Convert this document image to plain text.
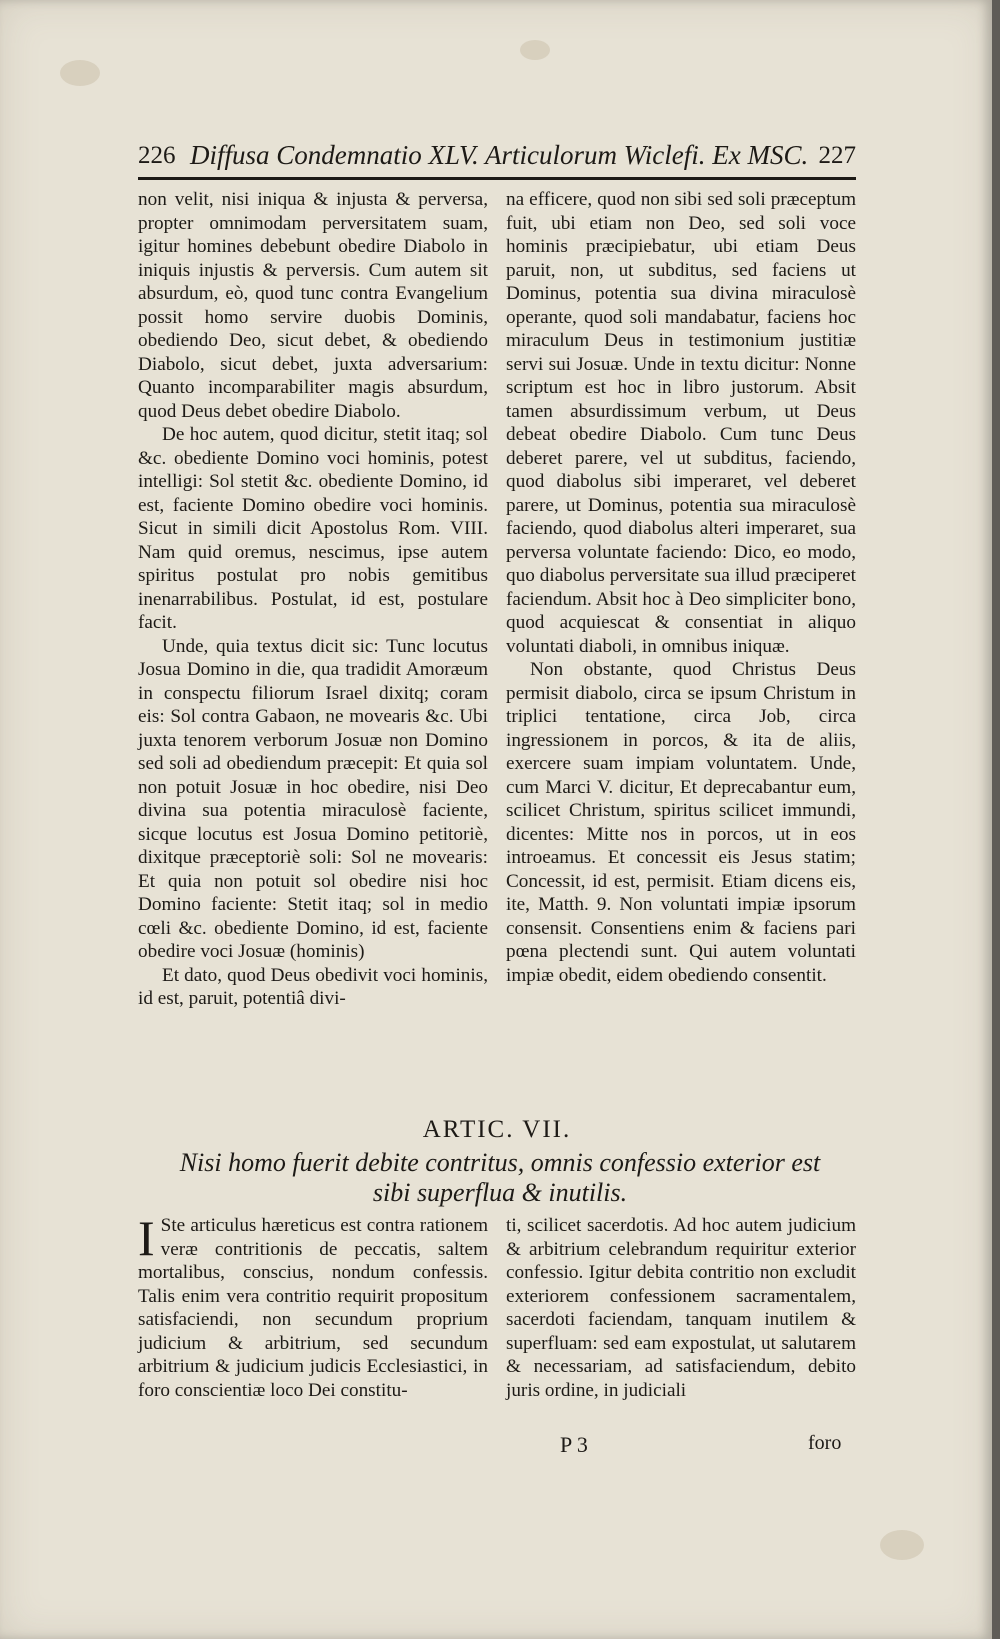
226 Diffusa Condemnatio XLV. Articulorum Wiclefi. Ex MSC. 227

non velit, nisi iniqua & injusta & perversa, propter omnimodam perversitatem suam, igitur homines debebunt obedire Diabolo in iniquis injustis & perversis. Cum autem sit absurdum, eò, quod tunc contra Evangelium possit homo servire duobis Dominis, obediendo Deo, sicut debet, & obediendo Diabolo, sicut debet, juxta adversarium: Quanto incomparabiliter magis absurdum, quod Deus debet obedire Diabolo.

De hoc autem, quod dicitur, stetit itaq; sol &c. obediente Domino voci hominis, potest intelligi: Sol stetit &c. obediente Domino, id est, faciente Domino obedire voci hominis. Sicut in simili dicit Apostolus Rom. VIII. Nam quid oremus, nescimus, ipse autem spiritus postulat pro nobis gemitibus inenarrabilibus. Postulat, id est, postulare facit.

Unde, quia textus dicit sic: Tunc locutus Josua Domino in die, qua tradidit Amoræum in conspectu filiorum Israel dixitq; coram eis: Sol contra Gabaon, ne movearis &c. Ubi juxta tenorem verborum Josuæ non Domino sed soli ad obediendum præcepit: Et quia sol non potuit Josuæ in hoc obedire, nisi Deo divina sua potentia miraculosè faciente, sicque locutus est Josua Domino petitoriè, dixitque præceptoriè soli: Sol ne movearis: Et quia non potuit sol obedire nisi hoc Domino faciente: Stetit itaq; sol in medio cœli &c. obediente Domino, id est, faciente obedire voci Josuæ (hominis)

Et dato, quod Deus obedivit voci hominis, id est, paruit, potentiâ divi-

na efficere, quod non sibi sed soli præceptum fuit, ubi etiam non Deo, sed soli voce hominis præcipiebatur, ubi etiam Deus paruit, non, ut subditus, sed faciens ut Dominus, potentia sua divina miraculosè operante, quod soli mandabatur, faciens hoc miraculum Deus in testimonium justitiæ servi sui Josuæ. Unde in textu dicitur: Nonne scriptum est hoc in libro justorum. Absit tamen absurdissimum verbum, ut Deus debeat obedire Diabolo. Cum tunc Deus deberet parere, vel ut subditus, faciendo, quod diabolus sibi imperaret, vel deberet parere, ut Dominus, potentia sua miraculosè faciendo, quod diabolus alteri imperaret, sua perversa voluntate faciendo: Dico, eo modo, quo diabolus perversitate sua illud præciperet faciendum. Absit hoc à Deo simpliciter bono, quod acquiescat & consentiat in aliquo voluntati diaboli, in omnibus iniquæ.

Non obstante, quod Christus Deus permisit diabolo, circa se ipsum Christum in triplici tentatione, circa Job, circa ingressionem in porcos, & ita de aliis, exercere suam impiam voluntatem. Unde, cum Marci V. dicitur, Et deprecabantur eum, scilicet Christum, spiritus scilicet immundi, dicentes: Mitte nos in porcos, ut in eos introeamus. Et concessit eis Jesus statim; Concessit, id est, permisit. Etiam dicens eis, ite, Matth. 9. Non voluntati impiæ ipsorum consensit. Consentiens enim & faciens pari pœna plectendi sunt. Qui autem voluntati impiæ obedit, eidem obediendo consentit.

ARTIC. VII.
Nisi homo fuerit debite contritus, omnis confessio exterior est sibi superflua & inutilis.
I Ste articulus hæreticus est contra rationem veræ contritionis de peccatis, saltem mortalibus, conscius, nondum confessis. Talis enim vera contritio requirit propositum satisfaciendi, non secundum proprium judicium & arbitrium, sed secundum arbitrium & judicium judicis Ecclesiastici, in foro conscientiæ loco Dei constitu-

ti, scilicet sacerdotis. Ad hoc autem judicium & arbitrium celebrandum requiritur exterior confessio. Igitur debita contritio non excludit exteriorem confessionem sacramentalem, sacerdoti faciendam, tanquam inutilem & superfluam: sed eam expostulat, ut salutarem & necessariam, ad satisfaciendum, debito juris ordine, in judiciali

P 3	foro
